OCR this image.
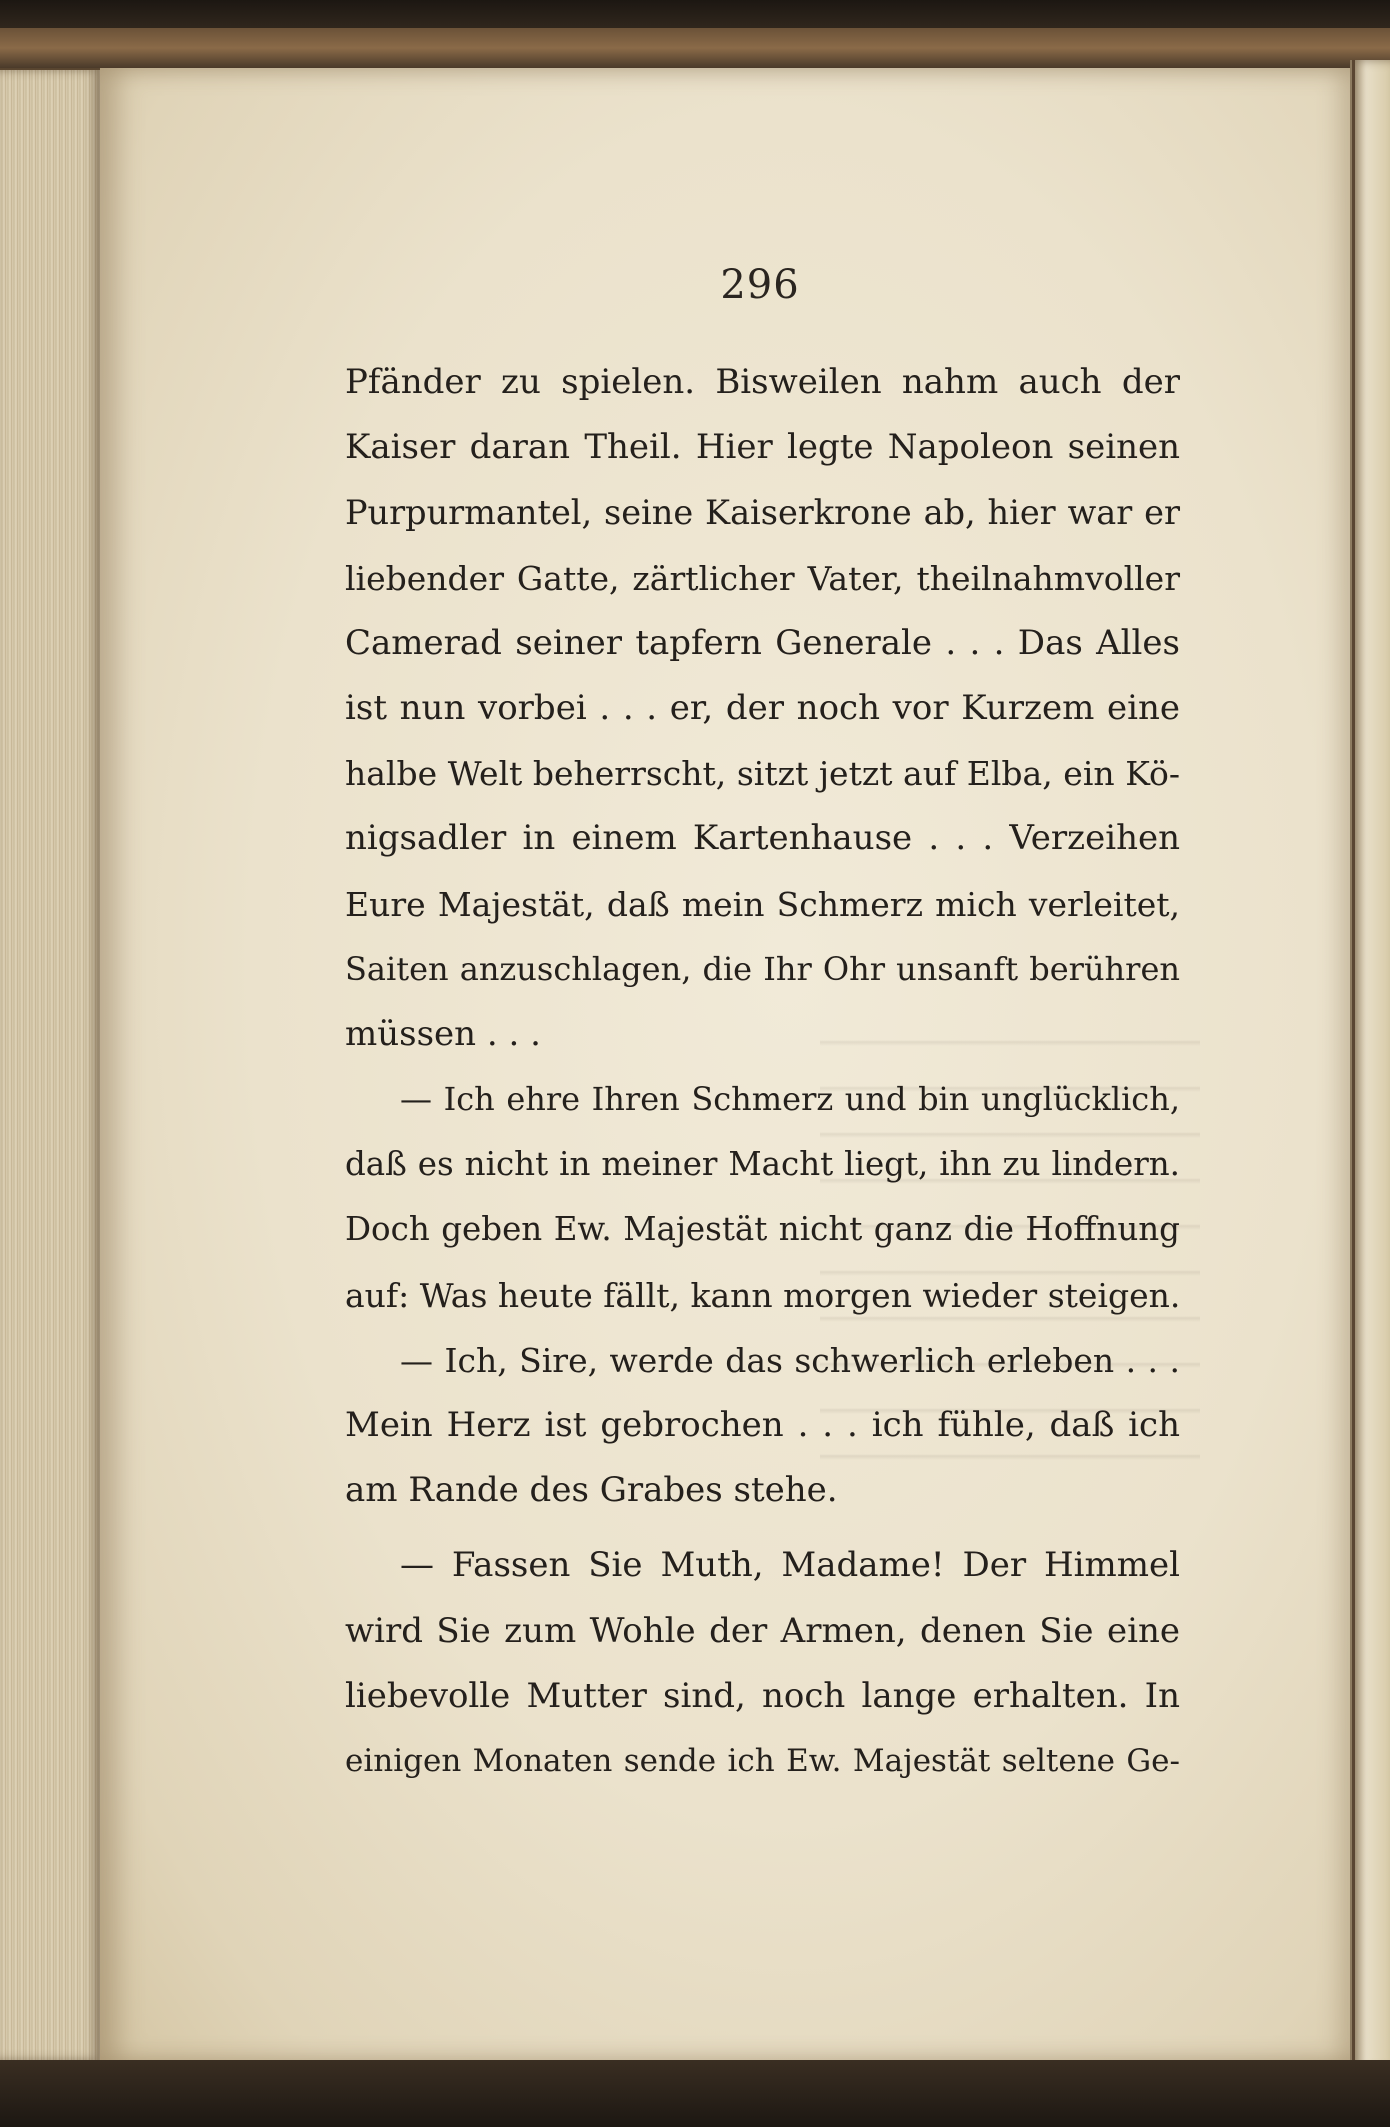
296
Pfänder zu spielen. Bisweilen nahm auch der
Kaiser daran Theil. Hier legte Napoleon seinen
Purpurmantel, seine Kaiserkrone ab, hier war er
liebender Gatte, zärtlicher Vater, theilnahmvoller
Camerad seiner tapfern Generale . . . Das Alles
ist nun vorbei . . . er, der noch vor Kurzem eine
halbe Welt beherrscht, sitzt jetzt auf Elba, ein Kö-
nigsadler in einem Kartenhause . . . Verzeihen
Eure Majestät, daß mein Schmerz mich verleitet,
Saiten anzuschlagen, die Ihr Ohr unsanft berühren
müssen . . .
— Ich ehre Ihren Schmerz und bin unglücklich,
daß es nicht in meiner Macht liegt, ihn zu lindern.
Doch geben Ew. Majestät nicht ganz die Hoffnung
auf: Was heute fällt, kann morgen wieder steigen.
— Ich, Sire, werde das schwerlich erleben . . .
Mein Herz ist gebrochen . . . ich fühle, daß ich
am Rande des Grabes stehe.
— Fassen Sie Muth, Madame! Der Himmel
wird Sie zum Wohle der Armen, denen Sie eine
liebevolle Mutter sind, noch lange erhalten. In
einigen Monaten sende ich Ew. Majestät seltene Ge-
